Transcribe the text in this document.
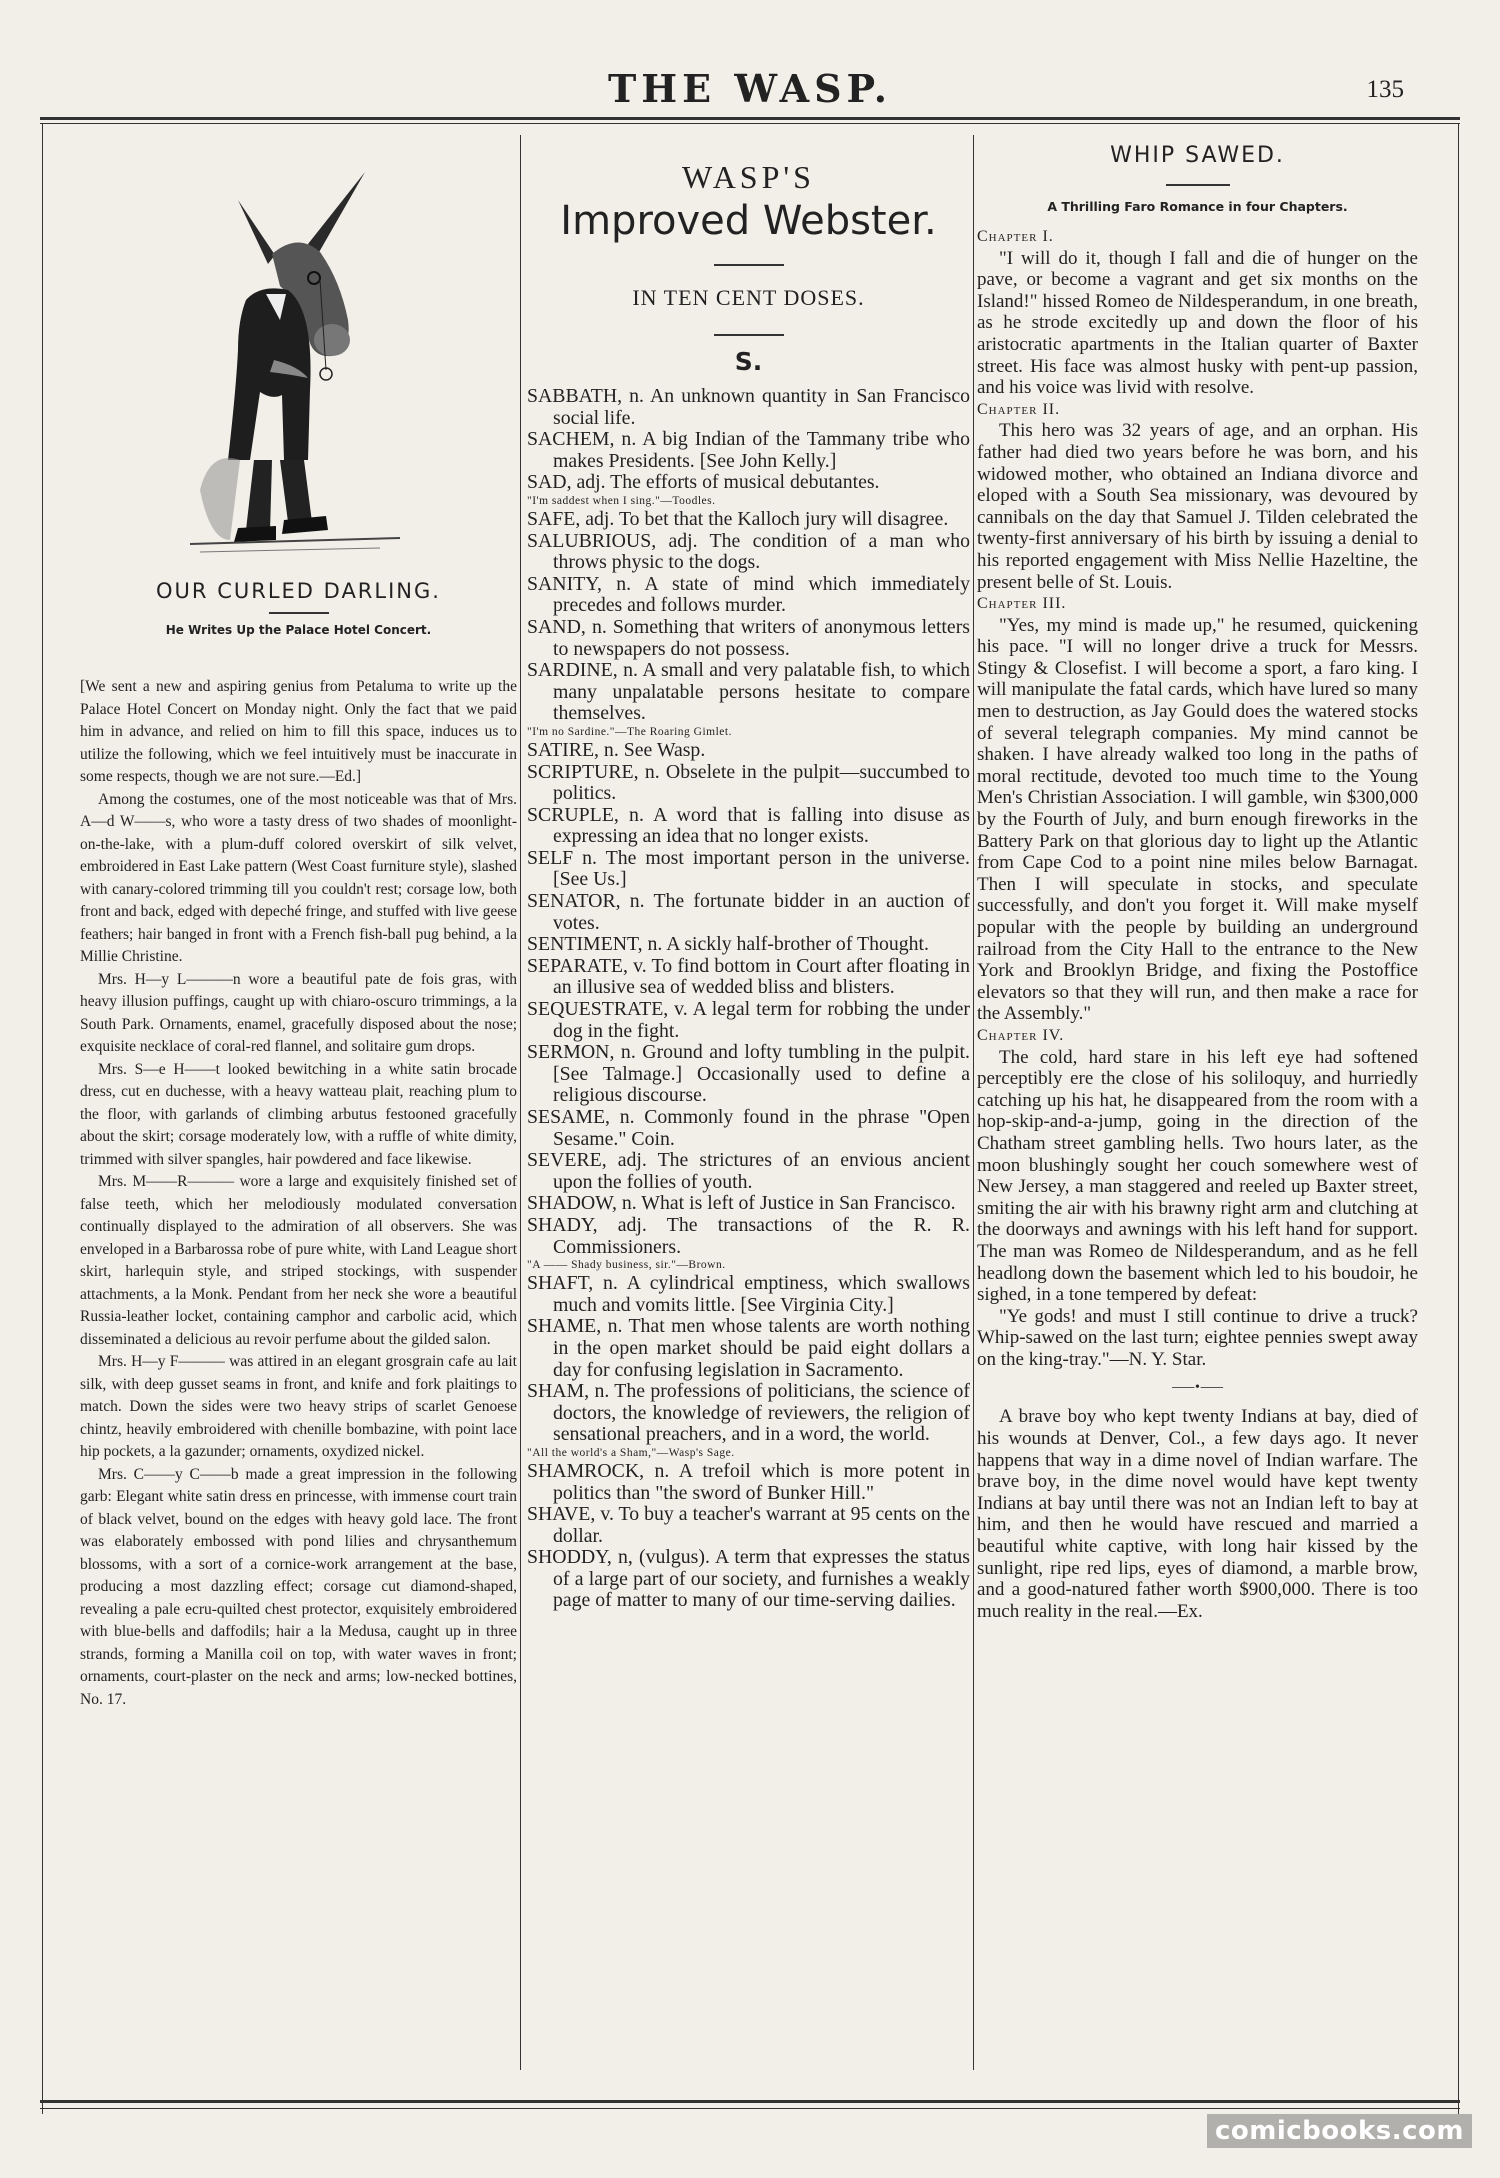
THE WASP.	135
OUR CURLED DARLING.
He Writes Up the Palace Hotel Concert.

[We sent a new and aspiring genius from Petaluma to write up the Palace Hotel Concert on Monday night. Only the fact that we paid him in advance, and relied on him to fill this space, induces us to utilize the following, which we feel intuitively must be inaccurate in some respects, though we are not sure.—Ed.]

Among the costumes, one of the most noticeable was that of Mrs. A—d W——s, who wore a tasty dress of two shades of moonlight-on-the-lake, with a plum-duff colored overskirt of silk velvet, embroidered in East Lake pattern (West Coast furniture style), slashed with canary-colored trimming till you couldn't rest; corsage low, both front and back, edged with depeché fringe, and stuffed with live geese feathers; hair banged in front with a French fish-ball pug behind, a la Millie Christine.

Mrs. H—y L———n wore a beautiful pate de fois gras, with heavy illusion puffings, caught up with chiaro-oscuro trimmings, a la South Park. Ornaments, enamel, gracefully disposed about the nose; exquisite necklace of coral-red flannel, and solitaire gum drops.

Mrs. S—e H——t looked bewitching in a white satin brocade dress, cut en duchesse, with a heavy watteau plait, reaching plum to the floor, with garlands of climbing arbutus festooned gracefully about the skirt; corsage moderately low, with a ruffle of white dimity, trimmed with silver spangles, hair powdered and face likewise.

Mrs. M——R——— wore a large and exquisitely finished set of false teeth, which her melodiously modulated conversation continually displayed to the admiration of all observers. She was enveloped in a Barbarossa robe of pure white, with Land League short skirt, harlequin style, and striped stockings, with suspender attachments, a la Monk. Pendant from her neck she wore a beautiful Russia-leather locket, containing camphor and carbolic acid, which disseminated a delicious au revoir perfume about the gilded salon.

Mrs. H—y F——— was attired in an elegant grosgrain cafe au lait silk, with deep gusset seams in front, and knife and fork plaitings to match. Down the sides were two heavy strips of scarlet Genoese chintz, heavily embroidered with chenille bombazine, with point lace hip pockets, a la gazunder; ornaments, oxydized nickel.

Mrs. C——y C——b made a great impression in the following garb: Elegant white satin dress en princesse, with immense court train of black velvet, bound on the edges with heavy gold lace. The front was elaborately embossed with pond lilies and chrysanthemum blossoms, with a sort of a cornice-work arrangement at the base, producing a most dazzling effect; corsage cut diamond-shaped, revealing a pale ecru-quilted chest protector, exquisitely embroidered with blue-bells and daffodils; hair a la Medusa, caught up in three strands, forming a Manilla coil on top, with water waves in front; ornaments, court-plaster on the neck and arms; low-necked bottines, No. 17.

WASP'S
Improved Webster.
IN TEN CENT DOSES.
S.

SABBATH, n. An unknown quantity in San Francisco social life.

SACHEM, n. A big Indian of the Tammany tribe who makes Presidents. [See John Kelly.]

SAD, adj. The efforts of musical debutantes.

"I'm saddest when I sing."—Toodles.

SAFE, adj. To bet that the Kalloch jury will disagree.

SALUBRIOUS, adj. The condition of a man who throws physic to the dogs.

SANITY, n. A state of mind which immediately precedes and follows murder.

SAND, n. Something that writers of anonymous letters to newspapers do not possess.

SARDINE, n. A small and very palatable fish, to which many unpalatable persons hesitate to compare themselves.

"I'm no Sardine."—The Roaring Gimlet.

SATIRE, n. See Wasp.

SCRIPTURE, n. Obselete in the pulpit—succumbed to politics.

SCRUPLE, n. A word that is falling into disuse as expressing an idea that no longer exists.

SELF n. The most important person in the universe. [See Us.]

SENATOR, n. The fortunate bidder in an auction of votes.

SENTIMENT, n. A sickly half-brother of Thought.

SEPARATE, v. To find bottom in Court after floating in an illusive sea of wedded bliss and blisters.

SEQUESTRATE, v. A legal term for robbing the under dog in the fight.

SERMON, n. Ground and lofty tumbling in the pulpit. [See Talmage.] Occasionally used to define a religious discourse.

SESAME, n. Commonly found in the phrase "Open Sesame." Coin.

SEVERE, adj. The strictures of an envious ancient upon the follies of youth.

SHADOW, n. What is left of Justice in San Francisco.

SHADY, adj. The transactions of the R. R. Commissioners.

"A —— Shady business, sir."—Brown.

SHAFT, n. A cylindrical emptiness, which swallows much and vomits little. [See Virginia City.]

SHAME, n. That men whose talents are worth nothing in the open market should be paid eight dollars a day for confusing legislation in Sacramento.

SHAM, n. The professions of politicians, the science of doctors, the knowledge of reviewers, the religion of sensational preachers, and in a word, the world.

"All the world's a Sham,"—Wasp's Sage.

SHAMROCK, n. A trefoil which is more potent in politics than "the sword of Bunker Hill."

SHAVE, v. To buy a teacher's warrant at 95 cents on the dollar.

SHODDY, n, (vulgus). A term that expresses the status of a large part of our society, and furnishes a weakly page of matter to many of our time-serving dailies.

WHIP SAWED.
A Thrilling Faro Romance in four Chapters.

Chapter I.

"I will do it, though I fall and die of hunger on the pave, or become a vagrant and get six months on the Island!" hissed Romeo de Nildesperandum, in one breath, as he strode excitedly up and down the floor of his aristocratic apartments in the Italian quarter of Baxter street. His face was almost husky with pent-up passion, and his voice was livid with resolve.

Chapter II.

This hero was 32 years of age, and an orphan. His father had died two years before he was born, and his widowed mother, who obtained an Indiana divorce and eloped with a South Sea missionary, was devoured by cannibals on the day that Samuel J. Tilden celebrated the twenty-first anniversary of his birth by issuing a denial to his reported engagement with Miss Nellie Hazeltine, the present belle of St. Louis.

Chapter III.

"Yes, my mind is made up," he resumed, quickening his pace. "I will no longer drive a truck for Messrs. Stingy & Closefist. I will become a sport, a faro king. I will manipulate the fatal cards, which have lured so many men to destruction, as Jay Gould does the watered stocks of several telegraph companies. My mind cannot be shaken. I have already walked too long in the paths of moral rectitude, devoted too much time to the Young Men's Christian Association. I will gamble, win $300,000 by the Fourth of July, and burn enough fireworks in the Battery Park on that glorious day to light up the Atlantic from Cape Cod to a point nine miles below Barnagat. Then I will speculate in stocks, and speculate successfully, and don't you forget it. Will make myself popular with the people by building an underground railroad from the City Hall to the entrance to the New York and Brooklyn Bridge, and fixing the Postoffice elevators so that they will run, and then make a race for the Assembly."

Chapter IV.

The cold, hard stare in his left eye had softened perceptibly ere the close of his soliloquy, and hurriedly catching up his hat, he disappeared from the room with a hop-skip-and-a-jump, going in the direction of the Chatham street gambling hells. Two hours later, as the moon blushingly sought her couch somewhere west of New Jersey, a man staggered and reeled up Baxter street, smiting the air with his brawny right arm and clutching at the doorways and awnings with his left hand for support. The man was Romeo de Nildesperandum, and as he fell headlong down the basement which led to his boudoir, he sighed, in a tone tempered by defeat:

"Ye gods! and must I still continue to drive a truck? Whip-sawed on the last turn; eightee pennies swept away on the king-tray."—N. Y. Star.

⸺•⸺

A brave boy who kept twenty Indians at bay, died of his wounds at Denver, Col., a few days ago. It never happens that way in a dime novel of Indian warfare. The brave boy, in the dime novel would have kept twenty Indians at bay until there was not an Indian left to bay at him, and then he would have rescued and married a beautiful white captive, with long hair kissed by the sunlight, ripe red lips, eyes of diamond, a marble brow, and a good-natured father worth $900,000. There is too much reality in the real.—Ex.

comicbooks.com
